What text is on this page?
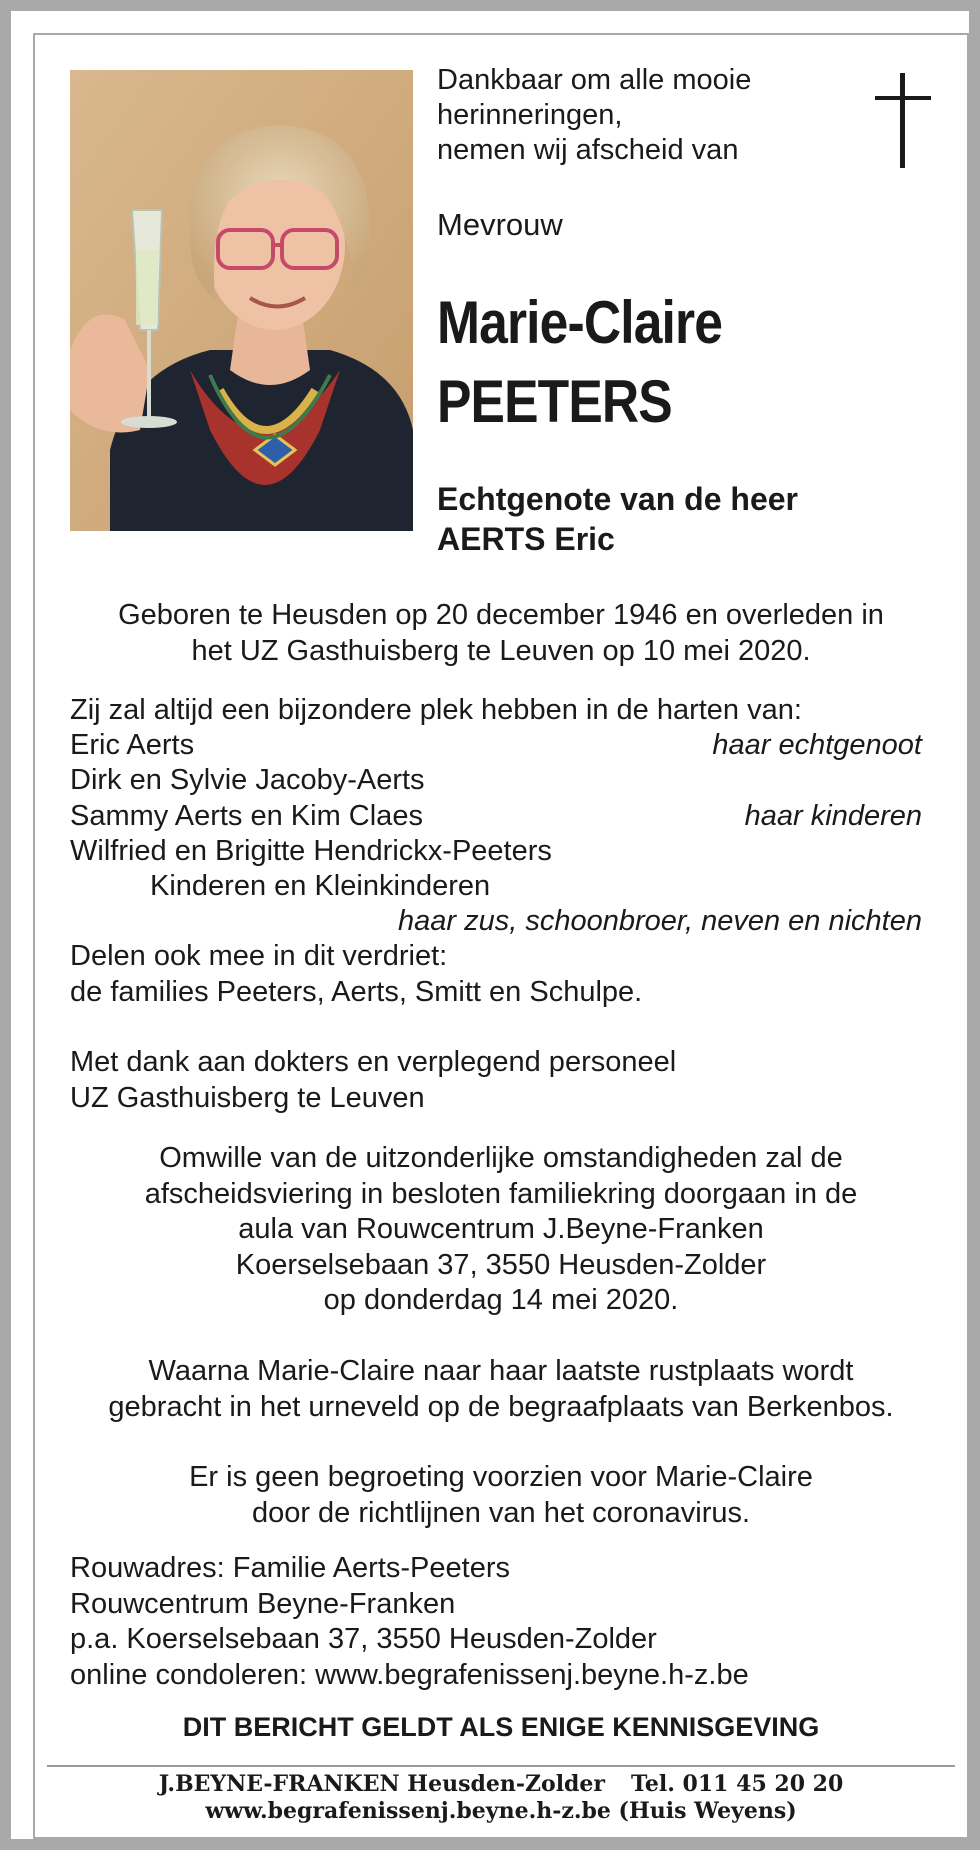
Dankbaar om alle mooie
herinneringen,
nemen wij afscheid van
Mevrouw
Marie-Claire
PEETERS
Echtgenote van de heer
AERTS Eric
Geboren te Heusden op 20 december 1946 en overleden in
het UZ Gasthuisberg te Leuven op 10 mei 2020.
Zij zal altijd een bijzondere plek hebben in de harten van:
Eric Aerts	haar echtgenoot
Dirk en Sylvie Jacoby-Aerts
Sammy Aerts en Kim Claes	haar kinderen
Wilfried en Brigitte Hendrickx-Peeters
Kinderen en Kleinkinderen
haar zus, schoonbroer, neven en nichten
Delen ook mee in dit verdriet:
de families Peeters, Aerts, Smitt en Schulpe.
Met dank aan dokters en verplegend personeel
UZ Gasthuisberg te Leuven
Omwille van de uitzonderlijke omstandigheden zal de
afscheidsviering in besloten familiekring doorgaan in de
aula van Rouwcentrum J.Beyne-Franken
Koerselsebaan 37, 3550 Heusden-Zolder
op donderdag 14 mei 2020.
Waarna Marie-Claire naar haar laatste rustplaats wordt
gebracht in het urneveld op de begraafplaats van Berkenbos.
Er is geen begroeting voorzien voor Marie-Claire
door de richtlijnen van het coronavirus.
Rouwadres: Familie Aerts-Peeters
Rouwcentrum Beyne-Franken
p.a. Koerselsebaan 37, 3550 Heusden-Zolder
online condoleren: www.begrafenissenj.beyne.h-z.be
DIT BERICHT GELDT ALS ENIGE KENNISGEVING
J.BEYNE-FRANKEN Heusden-Zolder Tel. 011 45 20 20
www.begrafenissenj.beyne.h-z.be (Huis Weyens)
